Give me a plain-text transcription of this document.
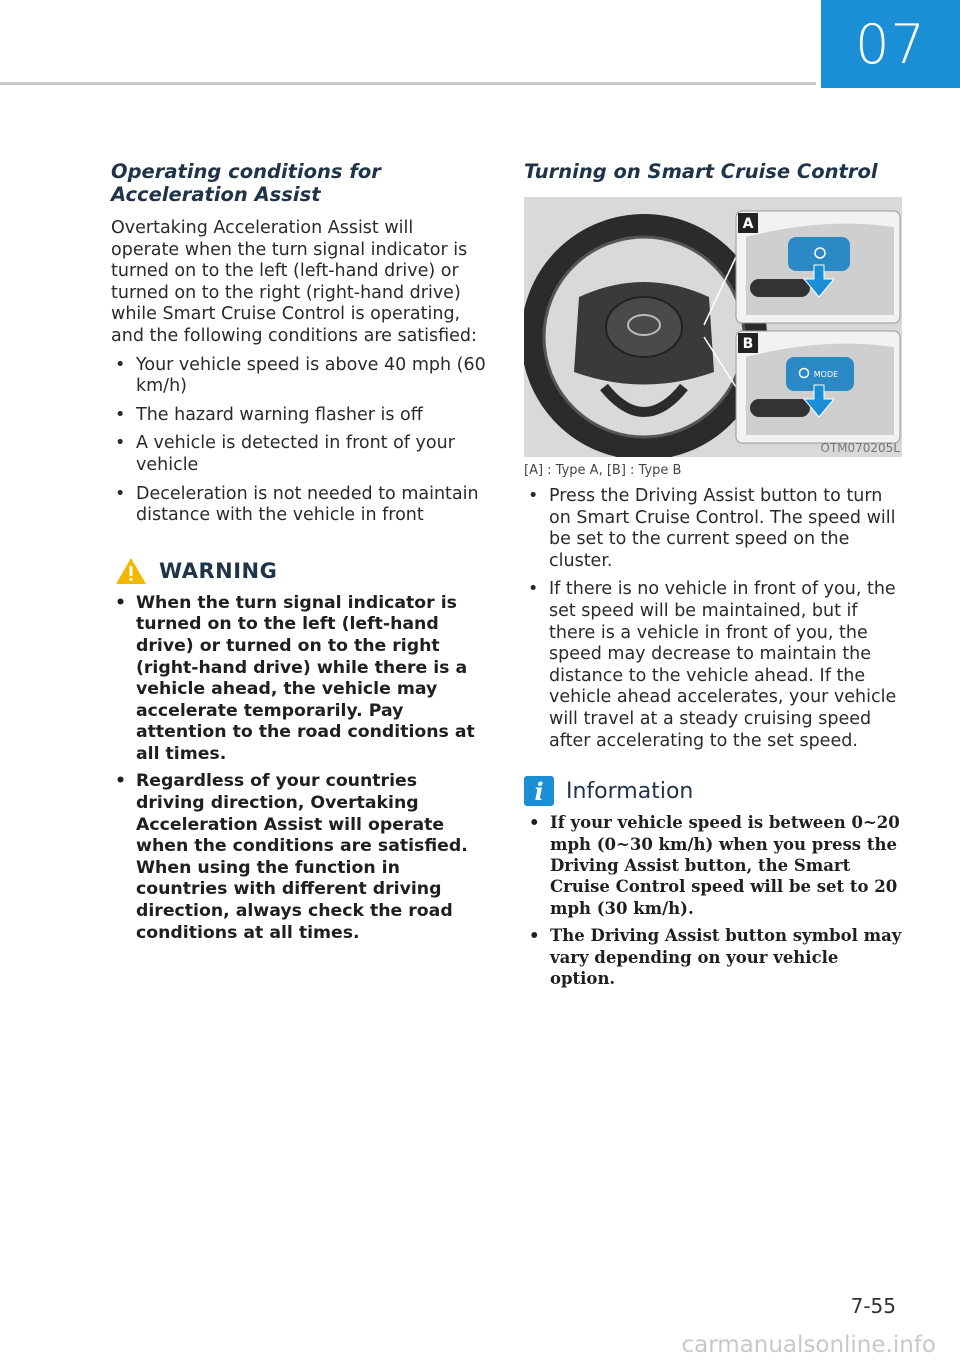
07
Operating conditions for Acceleration Assist

Overtaking Acceleration Assist will operate when the turn signal indicator is turned on to the left (left-hand drive) or turned on to the right (right-hand drive) while Smart Cruise Control is operating, and the following conditions are satisfied:

• Your vehicle speed is above 40 mph (60 km/h)
• The hazard warning flasher is off
• A vehicle is detected in front of your vehicle
• Deceleration is not needed to maintain distance with the vehicle in front
WARNING
• When the turn signal indicator is turned on to the left (left-hand drive) or turned on to the right (right-hand drive) while there is a vehicle ahead, the vehicle may accelerate temporarily. Pay attention to the road conditions at all times.
• Regardless of your countries driving direction, Overtaking Acceleration Assist will operate when the conditions are satisfied. When using the function in countries with different driving direction, always check the road conditions at all times.
Turning on Smart Cruise Control
A
MODE
B
OTM070205L
[A] : Type A, [B] : Type B
• Press the Driving Assist button to turn on Smart Cruise Control. The speed will be set to the current speed on the cluster.
• If there is no vehicle in front of you, the set speed will be maintained, but if there is a vehicle in front of you, the speed may decrease to maintain the distance to the vehicle ahead. If the vehicle ahead accelerates, your vehicle will travel at a steady cruising speed after accelerating to the set speed.
i Information
• If your vehicle speed is between 0~20 mph (0~30 km/h) when you press the Driving Assist button, the Smart Cruise Control speed will be set to 20 mph (30 km/h).
• The Driving Assist button symbol may vary depending on your vehicle option.
7-55
carmanualsonline.info
